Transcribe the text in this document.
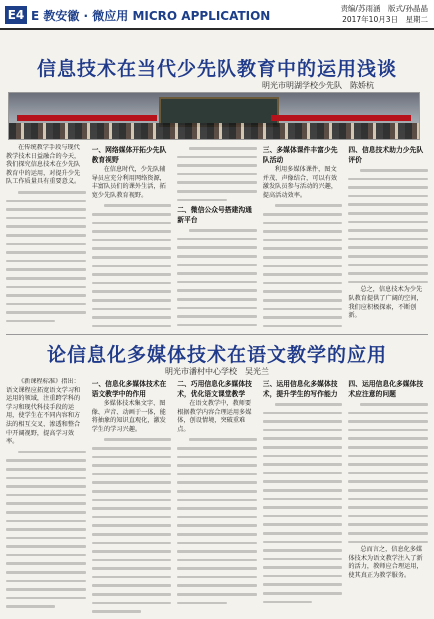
E4 E 教安徽 · 微应用 MICRO APPLICATION
责编/苏雨涵　版式/孙晶晶
2017年10月3日　星期二
信息技术在当代少先队教育中的运用浅谈
明光市明湖学校少先队　陈娇杭

在传统教学手段与现代教学技术日益融合的今天，我们探究信息技术在少先队教育中的运用，对提升少先队工作质量具有重要意义。

一、网络媒体开拓少先队教育视野

在信息时代，少先队辅导员应充分利用网络资源，丰富队员们的课外生活，拓宽少先队教育视野。

二、微信公众号搭建沟通新平台
三、多媒体课件丰富少先队活动

利用多媒体课件，图文并茂、声像结合，可以有效激发队员参与活动的兴趣，提高活动效率。

四、信息技术助力少先队评价

总之，信息技术为少先队教育提供了广阔的空间，我们应积极探索，不断创新。

论信息化多媒体技术在语文教学的应用
明光市潘村中心学校　吴光兰

《新课程标准》指出：语文课程应拓宽语文学习和运用的领域，注重跨学科的学习和现代科技手段的运用，使学生在不同内容和方法的相互交叉、渗透和整合中开阔视野，提高学习效率。

一、信息化多媒体技术在语文教学中的作用

多媒体技术集文字、图像、声音、动画于一体，能将抽象的知识直观化，激发学生的学习兴趣。

二、巧用信息化多媒体技术，优化语文课堂教学

在语文教学中，教师要根据教学内容合理运用多媒体，创设情境，突破重难点。

三、运用信息化多媒体技术，提升学生的写作能力
四、运用信息化多媒体技术应注意的问题

总而言之，信息化多媒体技术为语文教学注入了新的活力，教师应合理运用，使其真正为教学服务。
